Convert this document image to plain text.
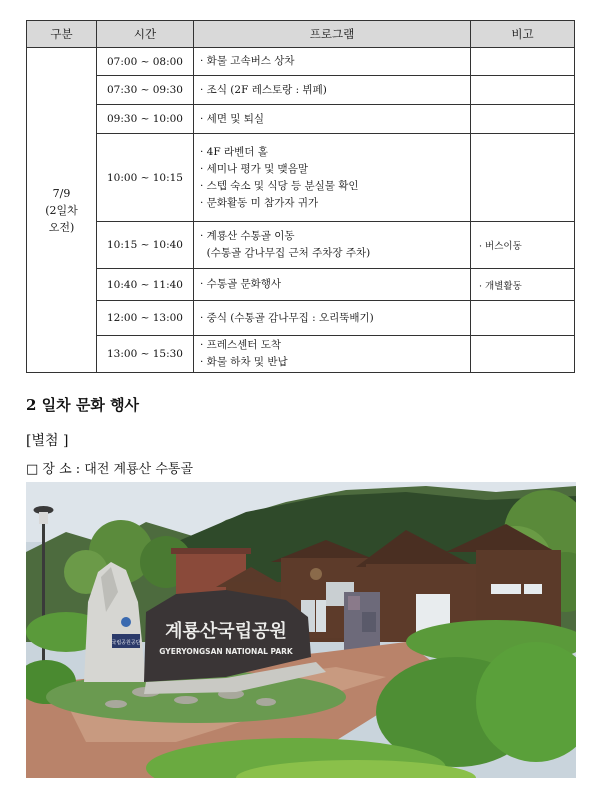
구분	시간	프로그램	비고

7/9
(2일차
오전)	07:00 ~ 08:00	· 화물 고속버스 상차	

	07:30 ~ 09:30	· 조식 (2F 레스토랑 : 뷔페)	

	09:30 ~ 10:00	· 세면 및 퇴실	

	10:00 ~ 10:15	· 4F 라벤더 홀
· 세미나 평가 및 맺음말
· 스텝 숙소 및 식당 등 분실물 확인
· 문화활동 미 참가자 귀가	

	10:15 ~ 10:40	· 계룡산 수통골 이동
(수통골 감나무집 근처 주차장 주차)	· 버스이동
	10:40 ~ 11:40	· 수통골 문화행사	· 개별활동
	12:00 ~ 13:00	· 중식 (수통골 감나무집 : 오리뚝배기)	

	13:00 ~ 15:30	· 프레스센터 도착
· 화물 하차 및 반납	

2 일차 문화 행사
[별첨 ]
□ 장 소 : 대전 계룡산 수통골
국립공원공단
계룡산국립공원
GYERYONGSAN NATIONAL PARK
